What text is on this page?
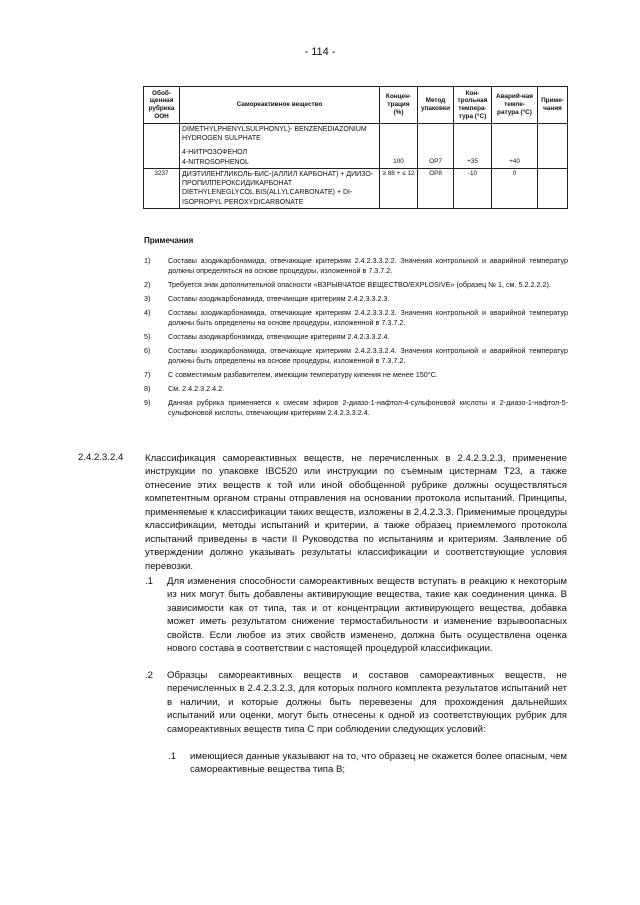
- 114 -
Обоб-щенная рубрика ООН	Самореактивное вещество	Концен-трация (%)	Метод упаковки	Кон-трольная темпера-тура (°C)	Аварий-ная темпе-ратура (°C)	Приме-чания

	DIMETHYLPHENYLSULPHONYL)- BENZENEDIAZONIUM
HYDROGEN SULPHATE
4-НИТРОЗОФЕНОЛ
4-NITROSOPHENOL	100	OP7	+35	+40	
3237	ДИЭТИЛЕНГЛИКОЛЬ-БИС-(АЛЛИЛ КАРБОНАТ) + ДИИЗО-
ПРОПИЛПЕРОКСИДИКАРБОНАТ
DIETHYLENEGLYCOL BIS(ALLYLCARBONATE) + DI-
ISOPROPYL PEROXYDICARBONATE	≥ 88 + ≤ 12	OP8	-10	0	
Примечания
1) Составы азодикарбонамида, отвечающие критериям 2.4.2.3.3.2.2. Значения контрольной и аварийной температур должны определяться на основе процедуры, изложенной в 7.3.7.2.
2) Требуется знак дополнительной опасности «ВЗРЫВЧАТОЕ ВЕЩЕСТВО/EXPLOSIVE» (образец № 1, см. 5.2.2.2.2).
3) Составы азодикарбонамида, отвечающие критериям 2.4.2.3.3.2.3.
4) Составы азодикарбонамида, отвечающие критериям 2.4.2.3.3.2.3. Значения контрольной и аварийной температур должны быть определены на основе процедуры, изложенной в 7.3.7.2.
5) Составы азодикарбонамида, отвечающие критериям 2.4.2.3.3.2.4.
6) Составы азодикарбонамида, отвечающие критериям 2.4.2.3.3.2.4. Значения контрольной и аварийной температур должны быть определены на основе процедуры, изложенной в 7.3.7.2.
7) С совместимым разбавителем, имеющим температуру кипения не менее 150°C.
8) См. 2.4.2.3.2.4.2.
9) Данная рубрика применяется к смесям эфиров 2-диазо-1-нафтол-4-сульфоновой кислоты и 2-диазо-1-нафтол-5-сульфоновой кислоты, отвечающим критериям 2.4.2.3.3.2.4.
2.4.2.3.2.4 Классификация самореактивных веществ, не перечисленных в 2.4.2.3.2.3, применение инструкции по упаковке IBC520 или инструкции по съемным цистернам T23, а также отнесение этих веществ к той или иной обобщенной рубрике должны осуществляться компетентным органом страны отправления на основании протокола испытаний. Принципы, применяемые к классификации таких веществ, изложены в 2.4.2.3.3. Применимые процедуры классификации, методы испытаний и критерии, а также образец приемлемого протокола испытаний приведены в части II Руководства по испытаниям и критериям. Заявление об утверждении должно указывать результаты классификации и соответствующие условия перевозки.
.1 Для изменения способности самореактивных веществ вступать в реакцию к некоторым из них могут быть добавлены активирующие вещества, такие как соединения цинка. В зависимости как от типа, так и от концентрации активирующего вещества, добавка может иметь результатом снижение термостабильности и изменение взрывоопасных свойств. Если любое из этих свойств изменено, должна быть осуществлена оценка нового состава в соответствии с настоящей процедурой классификации.
.2 Образцы самореактивных веществ и составов самореактивных веществ, не перечисленных в 2.4.2.3.2.3, для которых полного комплекта результатов испытаний нет в наличии, и которые должны быть перевезены для прохождения дальнейших испытаний или оценки, могут быть отнесены к одной из соответствующих рубрик для самореактивных веществ типа C при соблюдении следующих условий:
.1 имеющиеся данные указывают на то, что образец не окажется более опасным, чем самореактивные вещества типа B;
